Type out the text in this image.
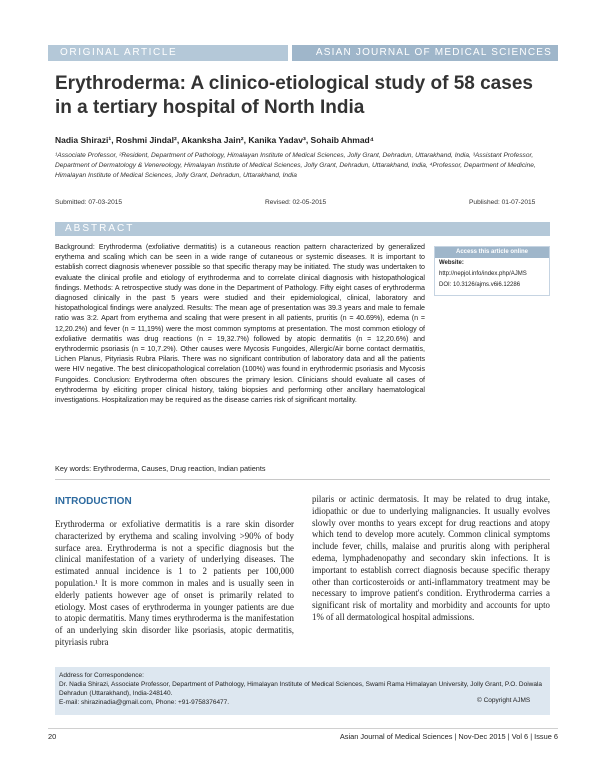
ORIGINAL ARTICLE	ASIAN JOURNAL OF MEDICAL SCIENCES
Erythroderma: A clinico-etiological study of 58 cases in a tertiary hospital of North India
Nadia Shirazi¹, Roshmi Jindal², Akanksha Jain², Kanika Yadav³, Sohaib Ahmad⁴
¹Associate Professor, ²Resident, Department of Pathology, Himalayan Institute of Medical Sciences, Jolly Grant, Dehradun, Uttarakhand, India, ³Assistant Professor, Department of Dermatology & Venereology, Himalayan Institute of Medical Sciences, Jolly Grant, Dehradun, Uttarakhand, India, ⁴Professor, Department of Medicine, Himalayan Institute of Medical Sciences, Jolly Grant, Dehradun, Uttarakhand, India
Submitted: 07-03-2015	Revised: 02-05-2015	Published: 01-07-2015
ABSTRACT
Background: Erythroderma (exfoliative dermatitis) is a cutaneous reaction pattern characterized by generalized erythema and scaling which can be seen in a wide range of cutaneous or systemic diseases. It is important to establish correct diagnosis whenever possible so that specific therapy may be initiated. The study was undertaken to evaluate the clinical profile and etiology of erythroderma and to correlate clinical diagnosis with histopathological findings. Methods: A retrospective study was done in the Department of Pathology. Fifty eight cases of erythroderma diagnosed clinically in the past 5 years were studied and their epidemiological, clinical, laboratory and histopathological findings were analyzed. Results: The mean age of presentation was 39.3 years and male to female ratio was 3:2. Apart from erythema and scaling that were present in all patients, pruritis (n = 40.69%), edema (n = 12,20.2%) and fever (n = 11,19%) were the most common symptoms at presentation. The most common etiology of exfoliative dermatitis was drug reactions (n = 19,32.7%) followed by atopic dermatitis (n = 12,20.6%) and erythrodermic psoriasis (n = 10,7.2%). Other causes were Mycosis Fungoides, Allergic/Air borne contact dermatitis, Lichen Planus, Pityriasis Rubra Pilaris. There was no significant contribution of laboratory data and all the patients were HIV negative. The best clinicopathological correlation (100%) was found in erythrodermic psoriasis and Mycosis Fungoides. Conclusion: Erythroderma often obscures the primary lesion. Clinicians should evaluate all cases of erythroderma by eliciting proper clinical history, taking biopsies and performing other ancillary haematological investigations. Hospitalization may be required as the disease carries risk of significant mortality.
Access this article online
Website:
http://nepjol.info/index.php/AJMS
DOI: 10.3126/ajms.v6i6.12286
Key words: Erythroderma, Causes, Drug reaction, Indian patients
INTRODUCTION
Erythroderma or exfoliative dermatitis is a rare skin disorder characterized by erythema and scaling involving >90% of body surface area. Erythroderma is not a specific diagnosis but the clinical manifestation of a variety of underlying diseases. The estimated annual incidence is 1 to 2 patients per 100,000 population.¹ It is more common in males and is usually seen in elderly patients however age of onset is primarily related to etiology. Most cases of erythroderma in younger patients are due to atopic dermatitis. Many times erythroderma is the manifestation of an underlying skin disorder like psoriasis, atopic dermatitis, pityriasis rubra
pilaris or actinic dermatosis. It may be related to drug intake, idiopathic or due to underlying malignancies. It usually evolves slowly over months to years except for drug reactions and atopy which tend to develop more acutely. Common clinical symptoms include fever, chills, malaise and pruritis along with peripheral edema, lymphadenopathy and secondary skin infections. It is important to establish correct diagnosis because specific therapy other than corticosteroids or anti-inflammatory treatment may be necessary to improve patient's condition. Erythroderma carries a significant risk of mortality and morbidity and accounts for upto 1% of all dermatological hospital admissions.
Address for Correspondence:
Dr. Nadia Shirazi, Associate Professor, Department of Pathology, Himalayan Institute of Medical Sciences, Swami Rama Himalayan University, Jolly Grant, P.O. Doiwala Dehradun (Uttarakhand), India-248140.
E-mail: shirazinadia@gmail.com, Phone: +91-9758376477.	© Copyright AJMS
20	Asian Journal of Medical Sciences | Nov-Dec 2015 | Vol 6 | Issue 6
